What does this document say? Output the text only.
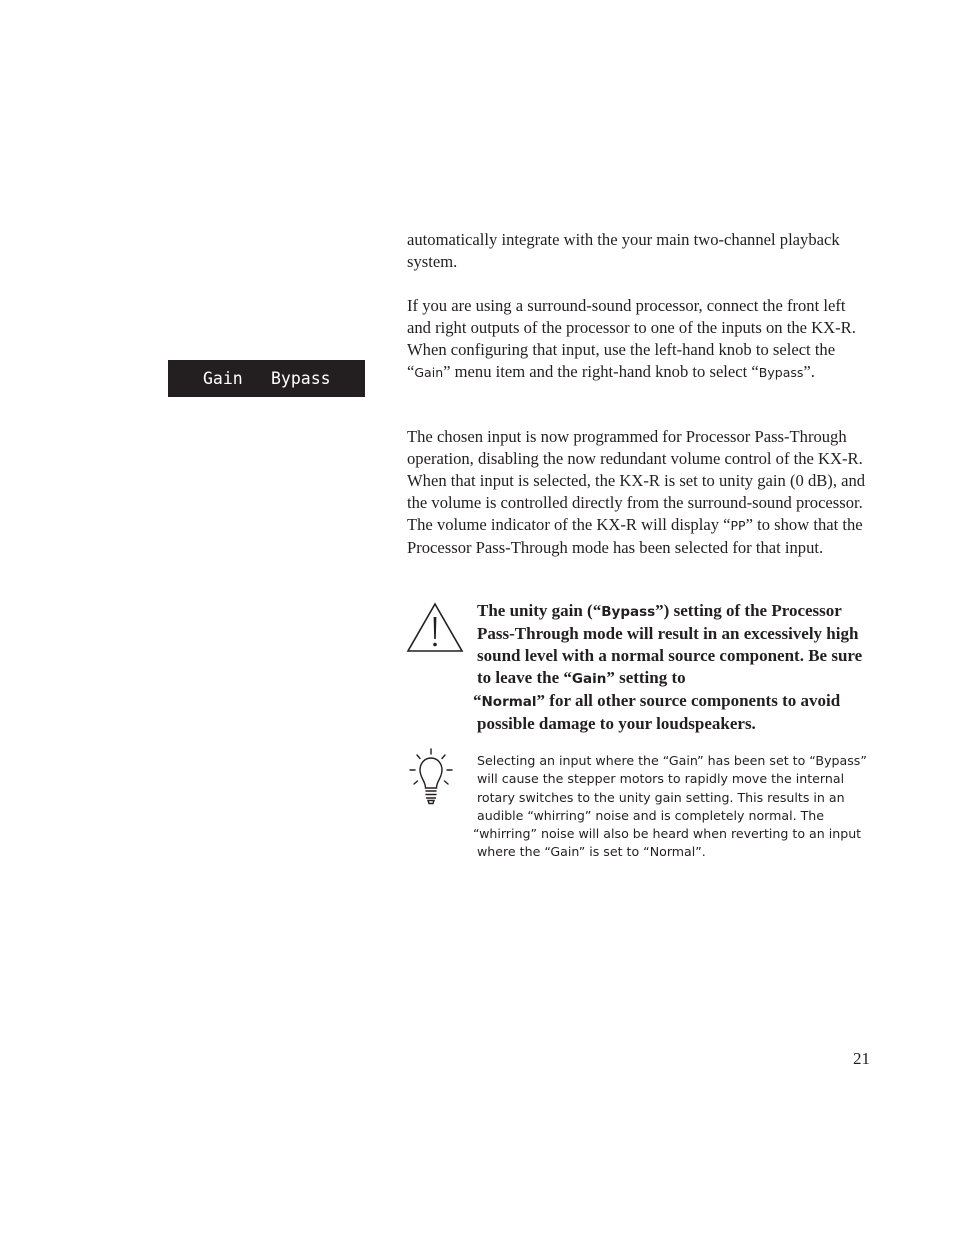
Gain

Bypass

automatically integrate with the your main two-channel playback system.

If you are using a surround-sound processor, connect the front left and right outputs of the processor to one of the inputs on the KX-R. When configuring that input, use the left-hand knob to select the “Gain” menu item and the right-hand knob to select “Bypass”.

The chosen input is now programmed for Processor Pass-Through operation, disabling the now redundant volume control of the KX-R. When that input is selected, the KX-R is set to unity gain (0 dB), and the volume is controlled directly from the surround-sound processor. The volume indicator of the KX-R will display “PP” to show that the Processor Pass-Through mode has been selected for that input.

The unity gain (“Bypass”) setting of the Processor Pass-Through mode will result in an excessively high sound level with a normal source component. Be sure to leave the “Gain” setting to
“Normal” for all other source components to avoid possible damage to your loudspeakers.

Selecting an input where the “Gain” has been set to “Bypass” will cause the stepper motors to rapidly move the internal rotary switches to the unity gain setting. This results in an audible “whirring” noise and is completely normal. The
“whirring” noise will also be heard when reverting to an input where the “Gain” is set to “Normal”.

21
